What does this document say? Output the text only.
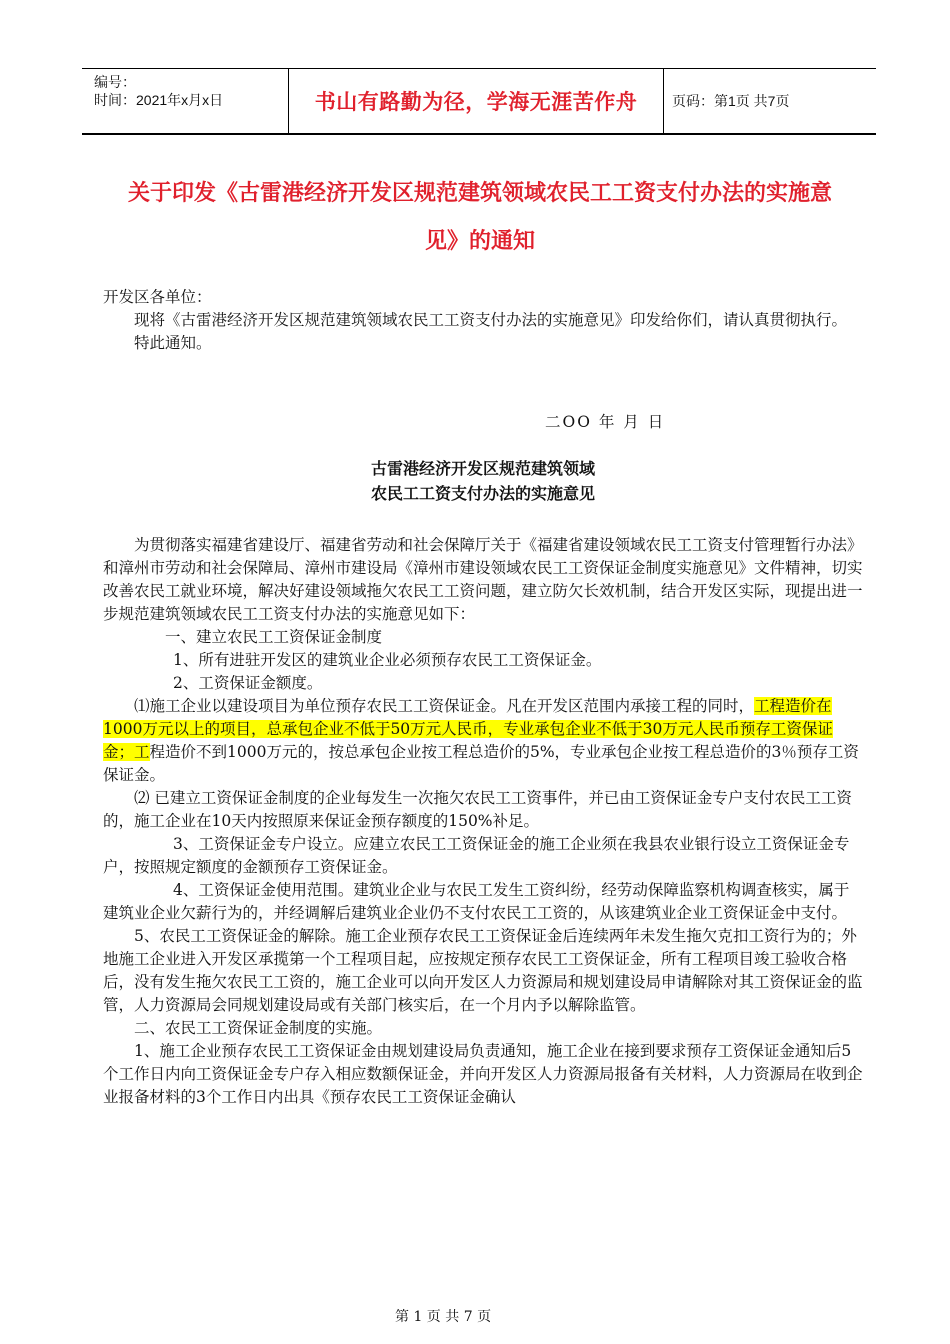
编号：
时间：2021年x月x日	书山有路勤为径，学海无涯苦作舟	页码：第1页 共7页
关于印发《古雷港经济开发区规范建筑领域农民工工资支付办法的实施意
见》的通知

开发区各单位：

现将《古雷港经济开发区规范建筑领域农民工工资支付办法的实施意见》印发给你们，请认真贯彻执行。

特此通知。

二ОО 年 月 日
古雷港经济开发区规范建筑领域
农民工工资支付办法的实施意见

为贯彻落实福建省建设厅、福建省劳动和社会保障厅关于《福建省建设领域农民工工资支付管理暂行办法》和漳州市劳动和社会保障局、漳州市建设局《漳州市建设领域农民工工资保证金制度实施意见》文件精神，切实改善农民工就业环境，解决好建设领域拖欠农民工工资问题，建立防欠长效机制，结合开发区实际，现提出进一步规范建筑领域农民工工资支付办法的实施意见如下：

一、建立农民工工资保证金制度

1、所有进驻开发区的建筑业企业必须预存农民工工资保证金。

2、工资保证金额度。

⑴施工企业以建设项目为单位预存农民工工资保证金。凡在开发区范围内承接工程的同时，工程造价在1000万元以上的项目，总承包企业不低于50万元人民币，专业承包企业不低于30万元人民币预存工资保证金；工程造价不到1000万元的，按总承包企业按工程总造价的5%，专业承包企业按工程总造价的3％预存工资保证金。

⑵ 已建立工资保证金制度的企业每发生一次拖欠农民工工资事件，并已由工资保证金专户支付农民工工资的，施工企业在10天内按照原来保证金预存额度的150%补足。

3、工资保证金专户设立。应建立农民工工资保证金的施工企业须在我县农业银行设立工资保证金专户，按照规定额度的金额预存工资保证金。

4、工资保证金使用范围。建筑业企业与农民工发生工资纠纷，经劳动保障监察机构调查核实，属于建筑业企业欠薪行为的，并经调解后建筑业企业仍不支付农民工工资的，从该建筑业企业工资保证金中支付。

5、农民工工资保证金的解除。施工企业预存农民工工资保证金后连续两年未发生拖欠克扣工资行为的；外地施工企业进入开发区承揽第一个工程项目起，应按规定预存农民工工资保证金，所有工程项目竣工验收合格后，没有发生拖欠农民工工资的，施工企业可以向开发区人力资源局和规划建设局申请解除对其工资保证金的监管，人力资源局会同规划建设局或有关部门核实后，在一个月内予以解除监管。

二、农民工工资保证金制度的实施。

1、施工企业预存农民工工资保证金由规划建设局负责通知，施工企业在接到要求预存工资保证金通知后5个工作日内向工资保证金专户存入相应数额保证金，并向开发区人力资源局报备有关材料，人力资源局在收到企业报备材料的3个工作日内出具《预存农民工工资保证金确认

第 1 页 共 7 页
